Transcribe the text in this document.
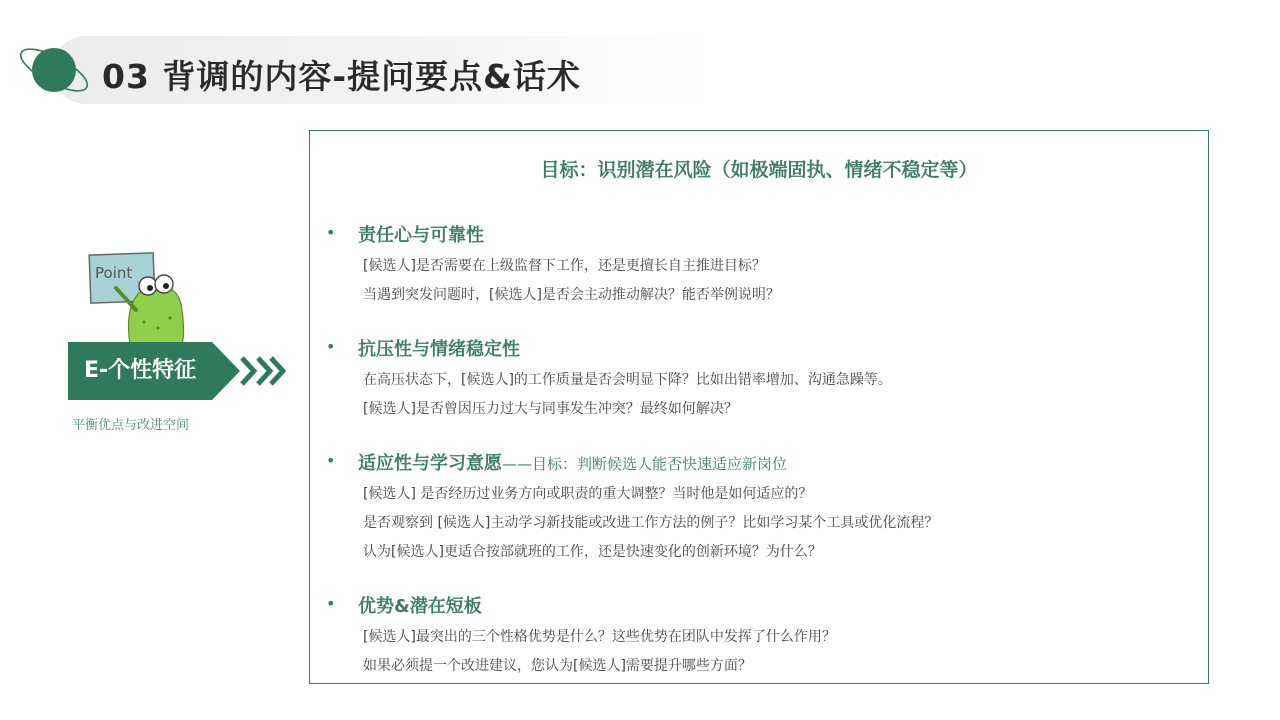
03 背调的内容-提问要点&话术
Point
E-个性特征
平衡优点与改进空间
目标：识别潜在风险（如极端固执、情绪不稳定等）
• 责任心与可靠性
[候选人]是否需要在上级监督下工作，还是更擅长自主推进目标？
当遇到突发问题时，[候选人]是否会主动推动解决？能否举例说明？
• 抗压性与情绪稳定性
在高压状态下，[候选人]的工作质量是否会明显下降？比如出错率增加、沟通急躁等。
[候选人]是否曾因压力过大与同事发生冲突？最终如何解决？
• 适应性与学习意愿——目标：判断候选人能否快速适应新岗位
[候选人] 是否经历过业务方向或职责的重大调整？当时他是如何适应的？
是否观察到 [候选人]主动学习新技能或改进工作方法的例子？比如学习某个工具或优化流程？
认为[候选人]更适合按部就班的工作，还是快速变化的创新环境？为什么？
• 优势&潜在短板
[候选人]最突出的三个性格优势是什么？这些优势在团队中发挥了什么作用？
如果必须提一个改进建议，您认为[候选人]需要提升哪些方面？
